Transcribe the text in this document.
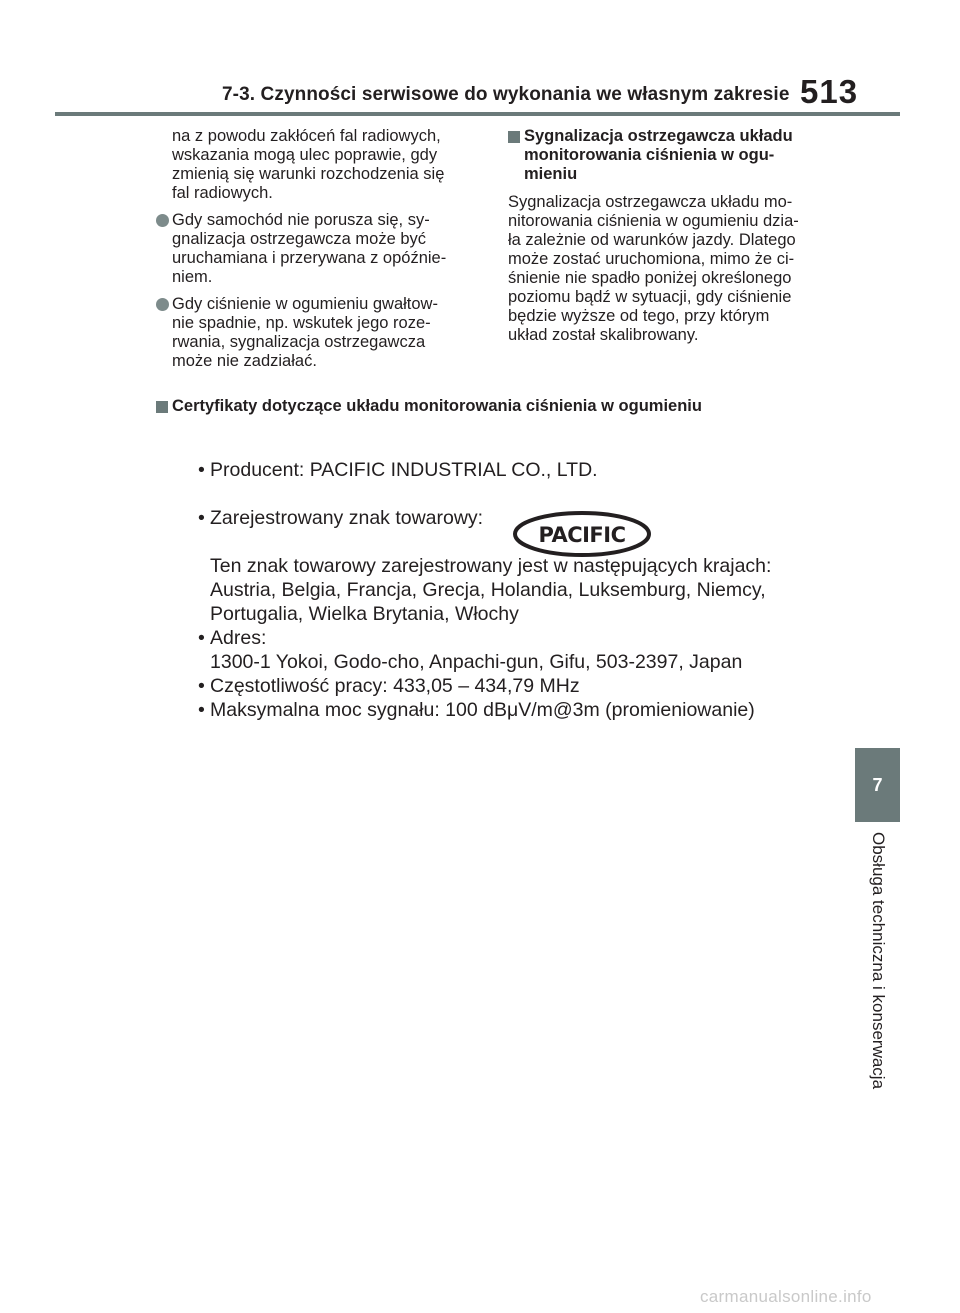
7-3. Czynności serwisowe do wykonania we własnym zakresie 513
na z powodu zakłóceń fal radiowych,
wskazania mogą ulec poprawie, gdy
zmienią się warunki rozchodzenia się
fal radiowych.
Gdy samochód nie porusza się, sy-
gnalizacja ostrzegawcza może być
uruchamiana i przerywana z opóźnie-
niem.
Gdy ciśnienie w ogumieniu gwałtow-
nie spadnie, np. wskutek jego roze-
rwania, sygnalizacja ostrzegawcza
może nie zadziałać.
Sygnalizacja ostrzegawcza układu
monitorowania ciśnienia w ogu-
mieniu
Sygnalizacja ostrzegawcza układu mo-
nitorowania ciśnienia w ogumieniu dzia-
ła zależnie od warunków jazdy. Dlatego
może zostać uruchomiona, mimo że ci-
śnienie nie spadło poniżej określonego
poziomu bądź w sytuacji, gdy ciśnienie
będzie wyższe od tego, przy którym
układ został skalibrowany.
Certyfikaty dotyczące układu monitorowania ciśnienia w ogumieniu
• Producent: PACIFIC INDUSTRIAL CO., LTD.
• Zarejestrowany znak towarowy:
Ten znak towarowy zarejestrowany jest w następujących krajach:
Austria, Belgia, Francja, Grecja, Holandia, Luksemburg, Niemcy,
Portugalia, Wielka Brytania, Włochy
• Adres:
1300-1 Yokoi, Godo-cho, Anpachi-gun, Gifu, 503-2397, Japan
• Częstotliwość pracy: 433,05 – 434,79 MHz
• Maksymalna moc sygnału: 100 dBμV/m@3m (promieniowanie)
PACIFIC
7
Obsługa techniczna i konserwacja
carmanualsonline.info
